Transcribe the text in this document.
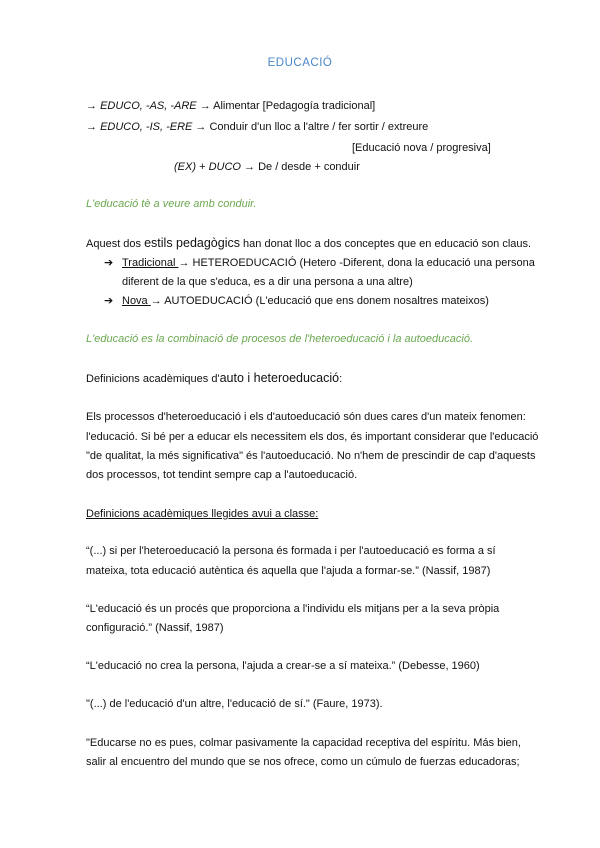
EDUCACIÓ
→ EDUCO, -AS, -ARE → Alimentar [Pedagogía tradicional]
→ EDUCO, -IS, -ERE → Conduir d'un lloc a l'altre / fer sortir / extreure
[Educació nova / progresiva]
(EX) + DUCO → De / desde + conduir
L'educació tè a veure amb conduir.
Aquest dos estils pedagògics han donat lloc a dos conceptes que en educació son claus.
➔ Tradicional → HETEROEDUCACIÓ (Hetero -Diferent, dona la educació una persona
diferent de la que s'educa, es a dir una persona a una altre)
➔ Nova → AUTOEDUCACIÓ (L'educació que ens donem nosaltres mateixos)
L'educació es la combinació de procesos de l'heteroeducació i la autoeducació.
Definicions acadèmiques d'auto i heteroeducació:
Els processos d'heteroeducació i els d'autoeducació són dues cares d'un mateix fenomen:
l'educació. Si bé per a educar els necessitem els dos, és important considerar que l'educació
"de qualitat, la més significativa" és l'autoeducació. No n'hem de prescindir de cap d'aquests
dos processos, tot tendint sempre cap a l'autoeducació.
Definicions acadèmiques llegides avui a classe:
“(...) si per l'heteroeducació la persona és formada i per l'autoeducació es forma a sí
mateixa, tota educació autèntica és aquella que l'ajuda a formar-se.” (Nassif, 1987)
“L'educació és un procés que proporciona a l'individu els mitjans per a la seva pròpia
configuració.” (Nassif, 1987)
“L'educació no crea la persona, l'ajuda a crear-se a sí mateixa.” (Debesse, 1960)
"(...) de l'educació d'un altre, l'educació de sí." (Faure, 1973).
"Educarse no es pues, colmar pasivamente la capacidad receptiva del espíritu. Más bien,
salir al encuentro del mundo que se nos ofrece, como un cúmulo de fuerzas educadoras;
